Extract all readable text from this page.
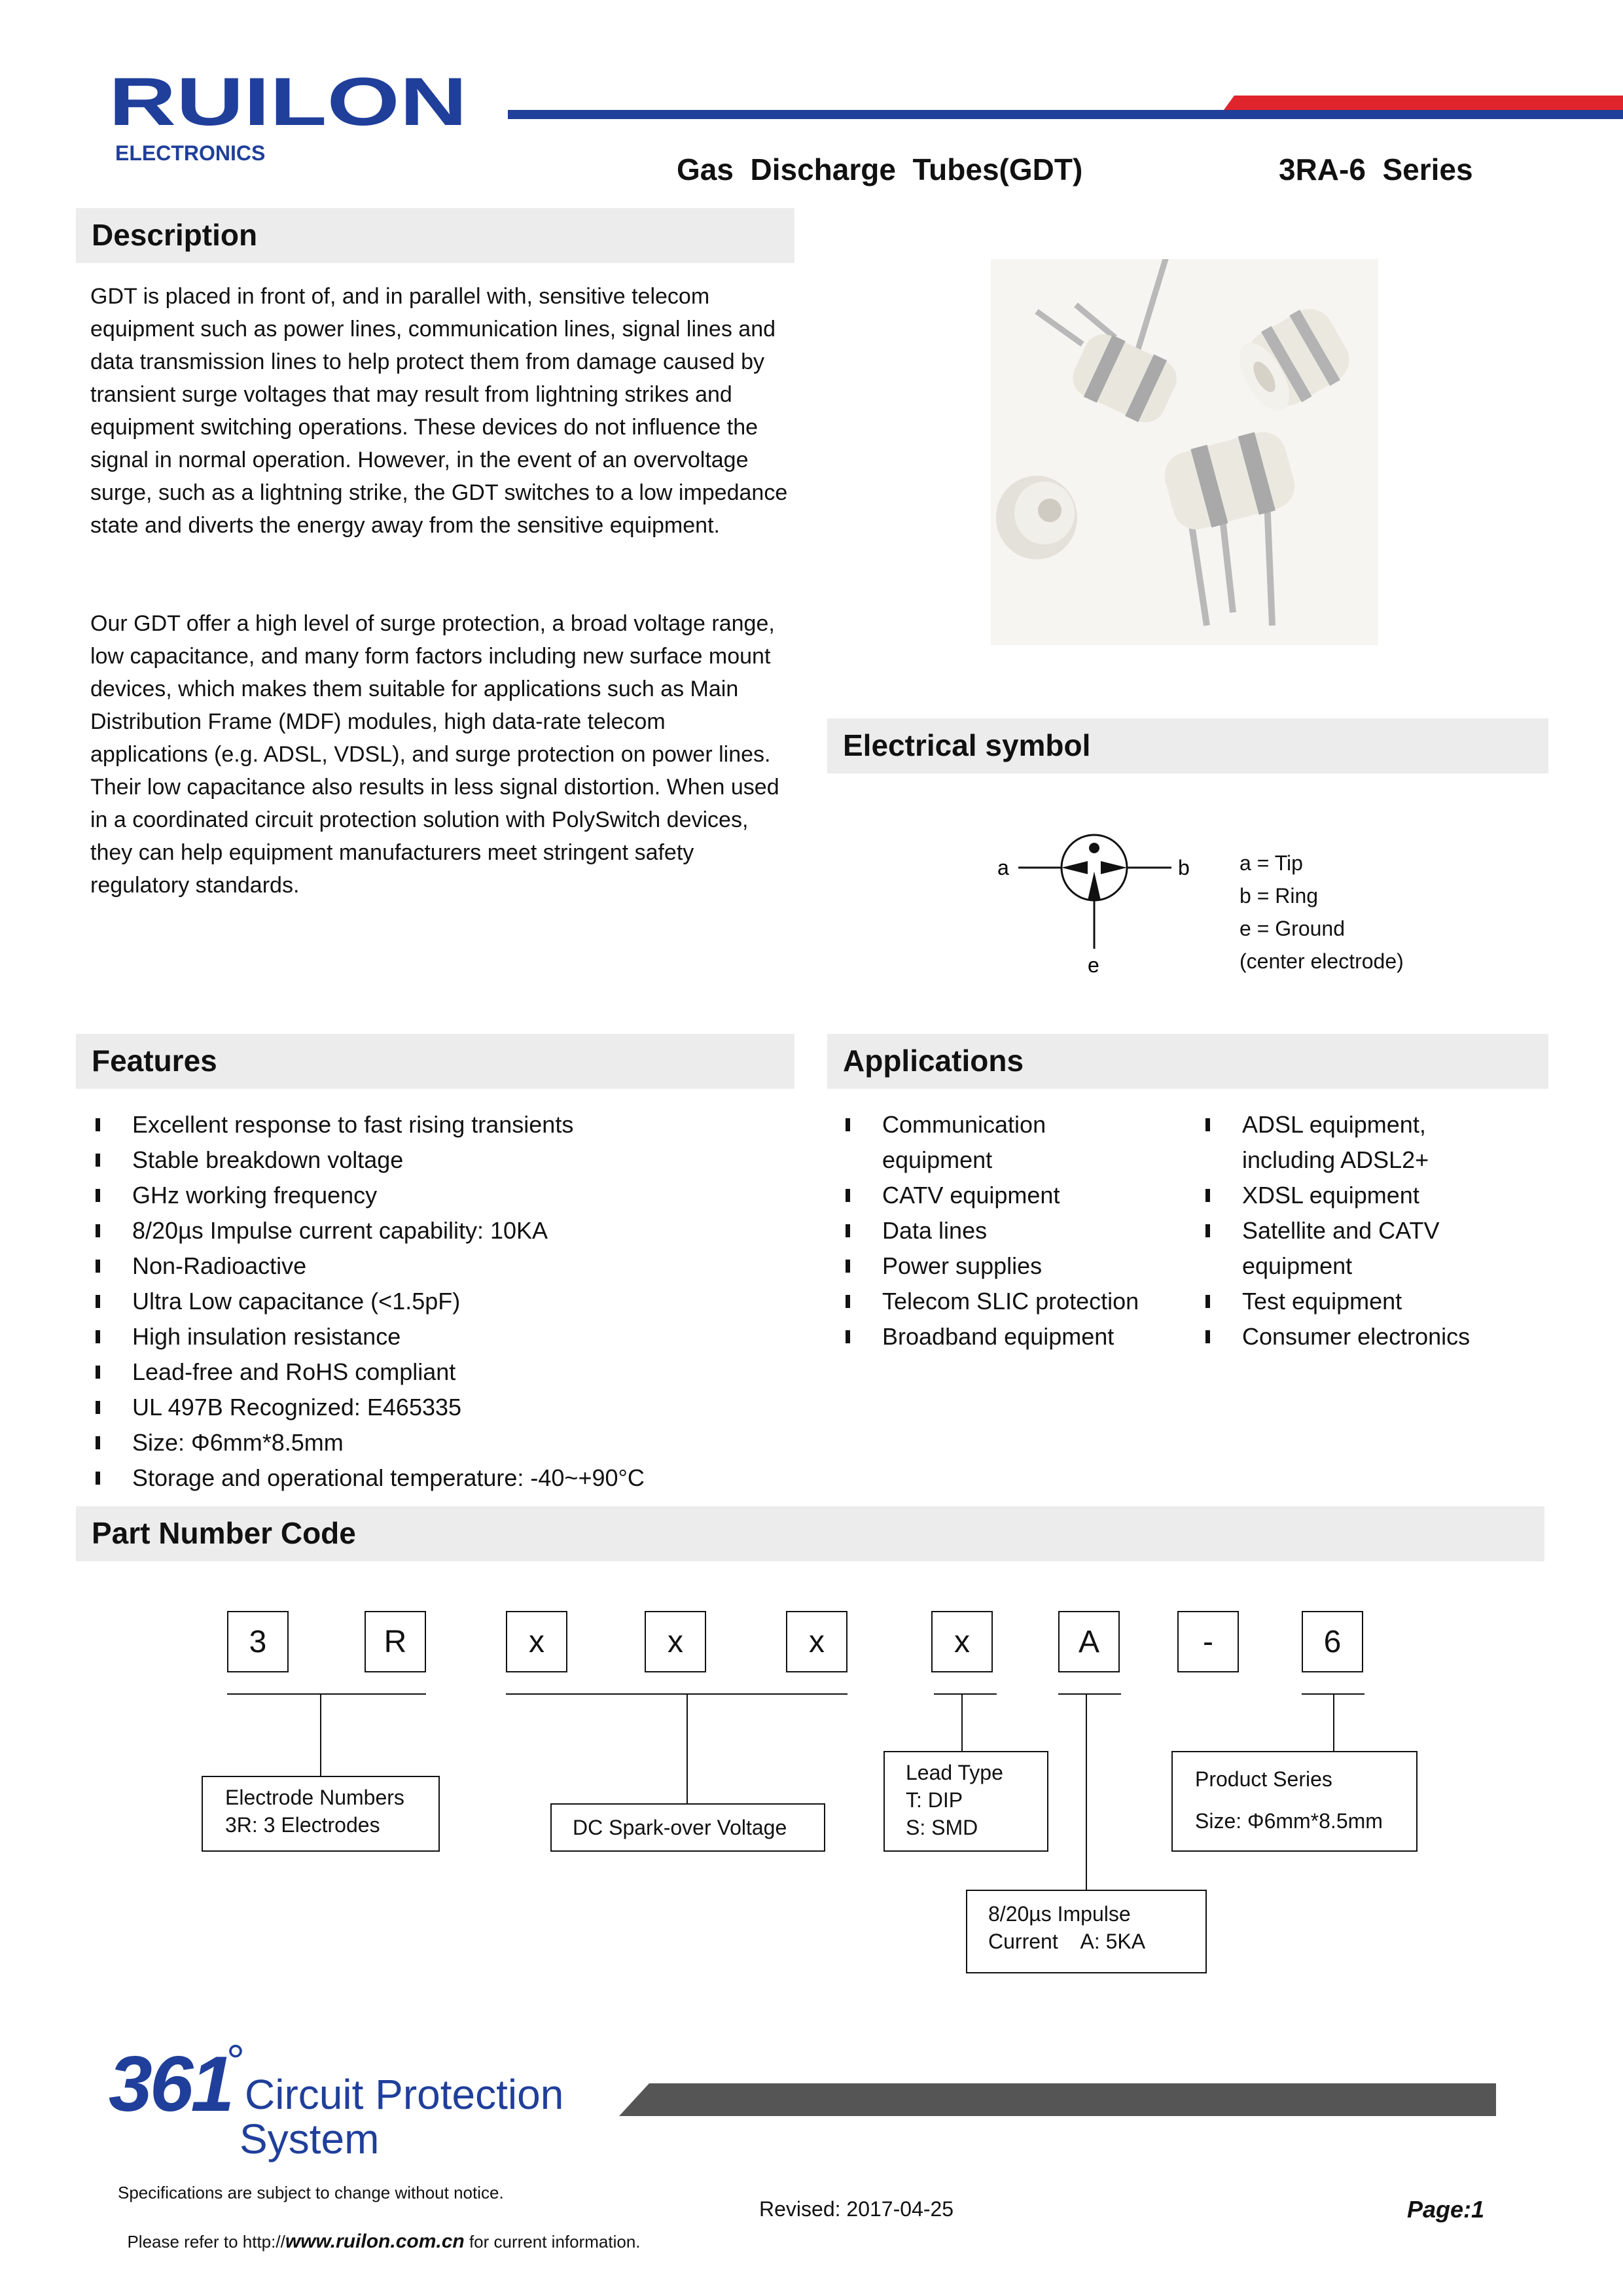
RUILON
ELECTRONICS	Gas  Discharge  Tubes(GDT)	3RA-6  Series
Description
GDT is placed in front of, and in parallel with, sensitive telecom equipment such as power lines, communication lines, signal lines and data transmission lines to help protect them from damage caused by transient surge voltages that may result from lightning strikes and equipment switching operations. These devices do not influence the signal in normal operation. However, in the event of an overvoltage surge, such as a lightning strike, the GDT switches to a low impedance state and diverts the energy away from the sensitive equipment.
Our GDT offer a high level of surge protection, a broad voltage range, low capacitance, and many form factors including new surface mount devices, which makes them suitable for applications such as Main Distribution Frame (MDF) modules, high data-rate telecom applications (e.g. ADSL, VDSL), and surge protection on power lines. Their low capacitance also results in less signal distortion. When used in a coordinated circuit protection solution with PolySwitch devices, they can help equipment manufacturers meet stringent safety regulatory standards.
Electrical symbol
a	b
e
a = Tip
b = Ring
e = Ground
(center electrode)
Features
Excellent response to fast rising transients
Stable breakdown voltage
GHz working frequency
8/20µs Impulse current capability: 10KA
Non-Radioactive
Ultra Low capacitance (<1.5pF)
High insulation resistance
Lead-free and RoHS compliant
UL 497B Recognized: E465335
Size: Φ6mm*8.5mm
Storage and operational temperature: -40~+90°C
Applications
Communication equipment
CATV equipment
Data lines
Power supplies
Telecom SLIC protection
Broadband equipment
ADSL equipment, including ADSL2+
XDSL equipment
Satellite and CATV equipment
Test equipment
Consumer electronics
Part Number Code
3	R	x	x	x	x	A	-	6
Electrode Numbers
3R: 3 Electrodes	DC Spark-over Voltage
Lead Type
T: DIP
S: SMD
Product Series
Size: Φ6mm*8.5mm
8/20µs Impulse
Current    A: 5KA
361
°
Circuit Protection
System
Specifications are subject to change without notice.

Please refer to http://www.ruilon.com.cn for current information.

Revised: 2017-04-25	Page:1
